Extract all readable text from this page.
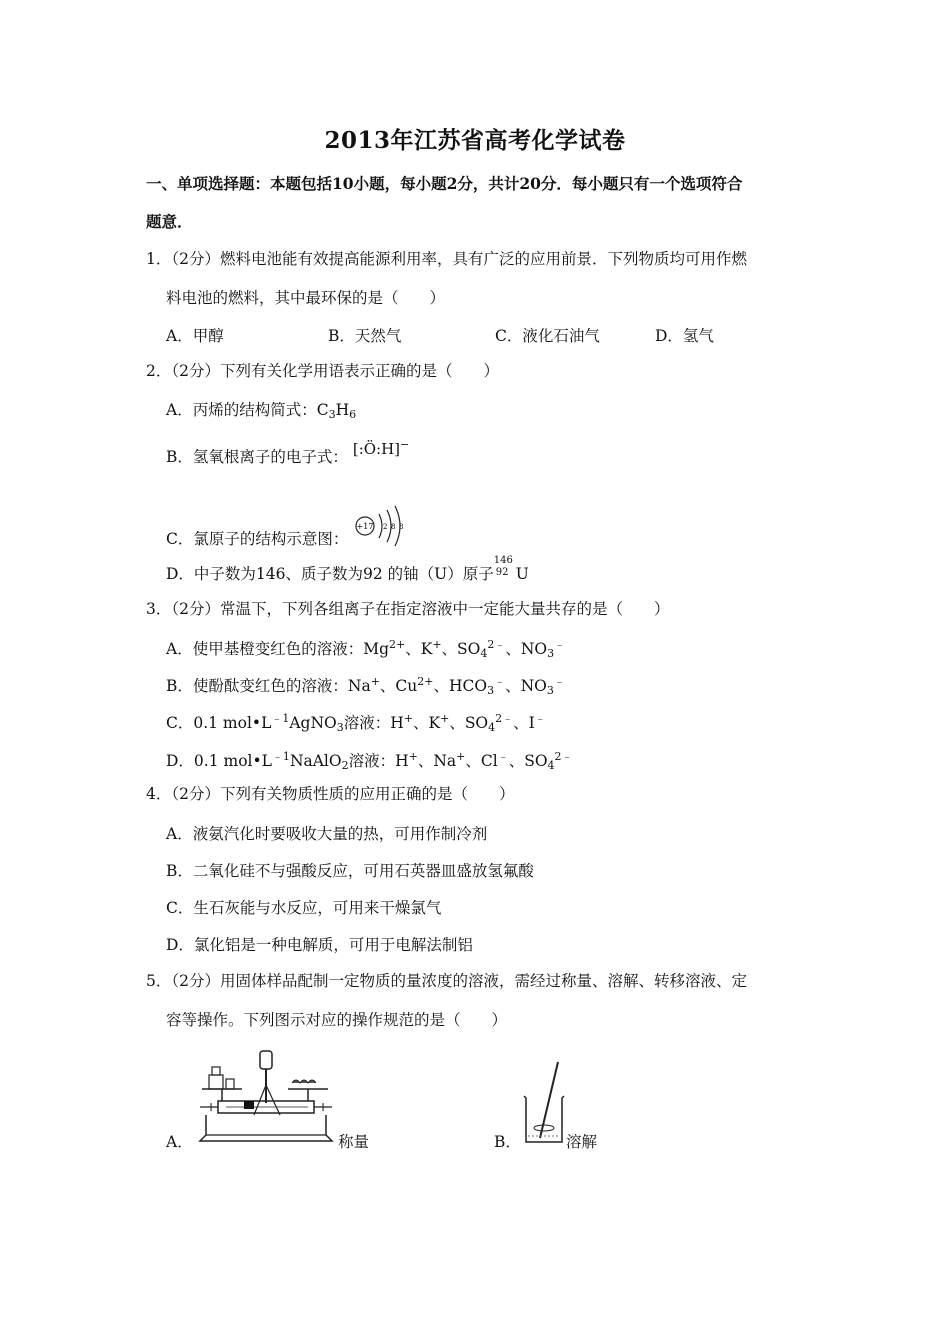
2013年江苏省高考化学试卷
一、单项选择题：本题包括10小题，每小题2分，共计20分．每小题只有一个选项符合
题意．
1．（2分）燃料电池能有效提高能源利用率，具有广泛的应用前景．下列物质均可用作燃
料电池的燃料，其中最环保的是（　　）
A．甲醇	B．天然气	C．液化石油气	D．氢气
2．（2分）下列有关化学用语表示正确的是（　　）
A．丙烯的结构简式：$C_3H_6$
B．氢氧根离子的电子式： [:Ö:H]−
C．氯原子的结构示意图：
+17 2 8 8
D．中子数为146、质子数为92 的铀（U）原子
146
92 U
3．（2分）常温下，下列各组离子在指定溶液中一定能大量共存的是（　　）
A．使甲基橙变红色的溶液：$Mg^{2+}$、K+、$SO_4^{2﹣}$、$NO_3^﹣$
B．使酚酞变红色的溶液：Na+、$Cu^{2+}$、$HCO_3^﹣$、$NO_3^﹣$
C．0.1 $mol•L^{﹣1}AgNO_3$溶液：H+、K+、$SO_4^{2﹣}$、I﹣
D．0.1 $mol•L^{﹣1}NaAlO_2$溶液：H+、Na+、Cl﹣、$SO_4^{2﹣}$
4．（2分）下列有关物质性质的应用正确的是（　　）
A．液氨汽化时要吸收大量的热，可用作制冷剂
B．二氧化硅不与强酸反应，可用石英器皿盛放氢氟酸
C．生石灰能与水反应，可用来干燥氯气
D．氯化铝是一种电解质，可用于电解法制铝
5．（2分）用固体样品配制一定物质的量浓度的溶液，需经过称量、溶解、转移溶液、定
容等操作。下列图示对应的操作规范的是（　　）
A．
+	+
称量	B．	溶解
